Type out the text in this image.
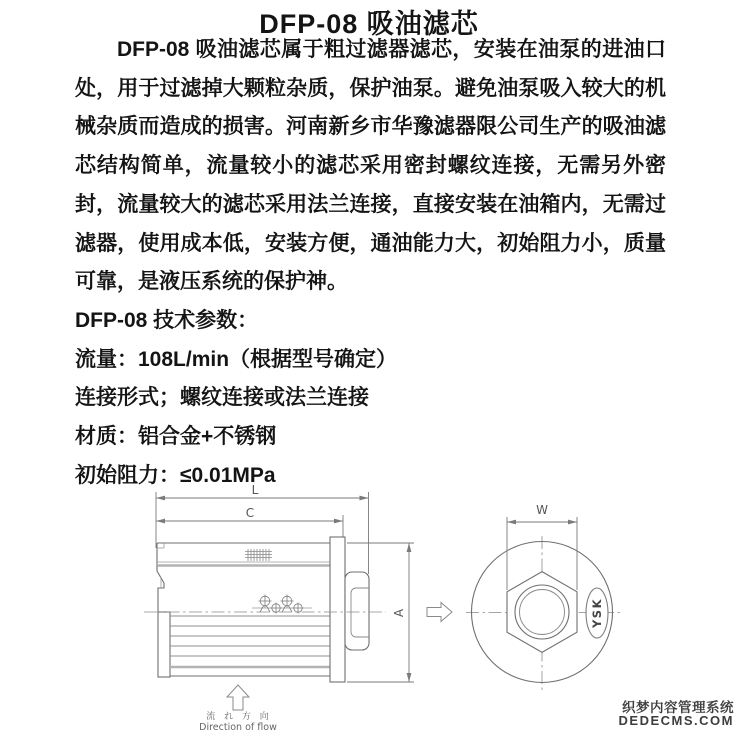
DFP-08 吸油滤芯

DFP-08 吸油滤芯属于粗过滤器滤芯，安装在油泵的进油口处，用于过滤掉大颗粒杂质，保护油泵。避免油泵吸入较大的机械杂质而造成的损害。河南新乡市华豫滤器限公司生产的吸油滤芯结构简单，流量较小的滤芯采用密封螺纹连接，无需另外密封，流量较大的滤芯采用法兰连接，直接安装在油箱内，无需过滤器，使用成本低，安装方便，通油能力大，初始阻力小，质量可靠，是液压系统的保护神。

DFP-08 技术参数：
流量：108L/min（根据型号确定）
连接形式；螺纹连接或法兰连接
材质：铝合金+不锈钢
初始阻力：≤0.01MPa
L
C
A
流 れ 方 向
Direction of flow
W
YSK
织梦内容管理系统
DEDECMS.COM
